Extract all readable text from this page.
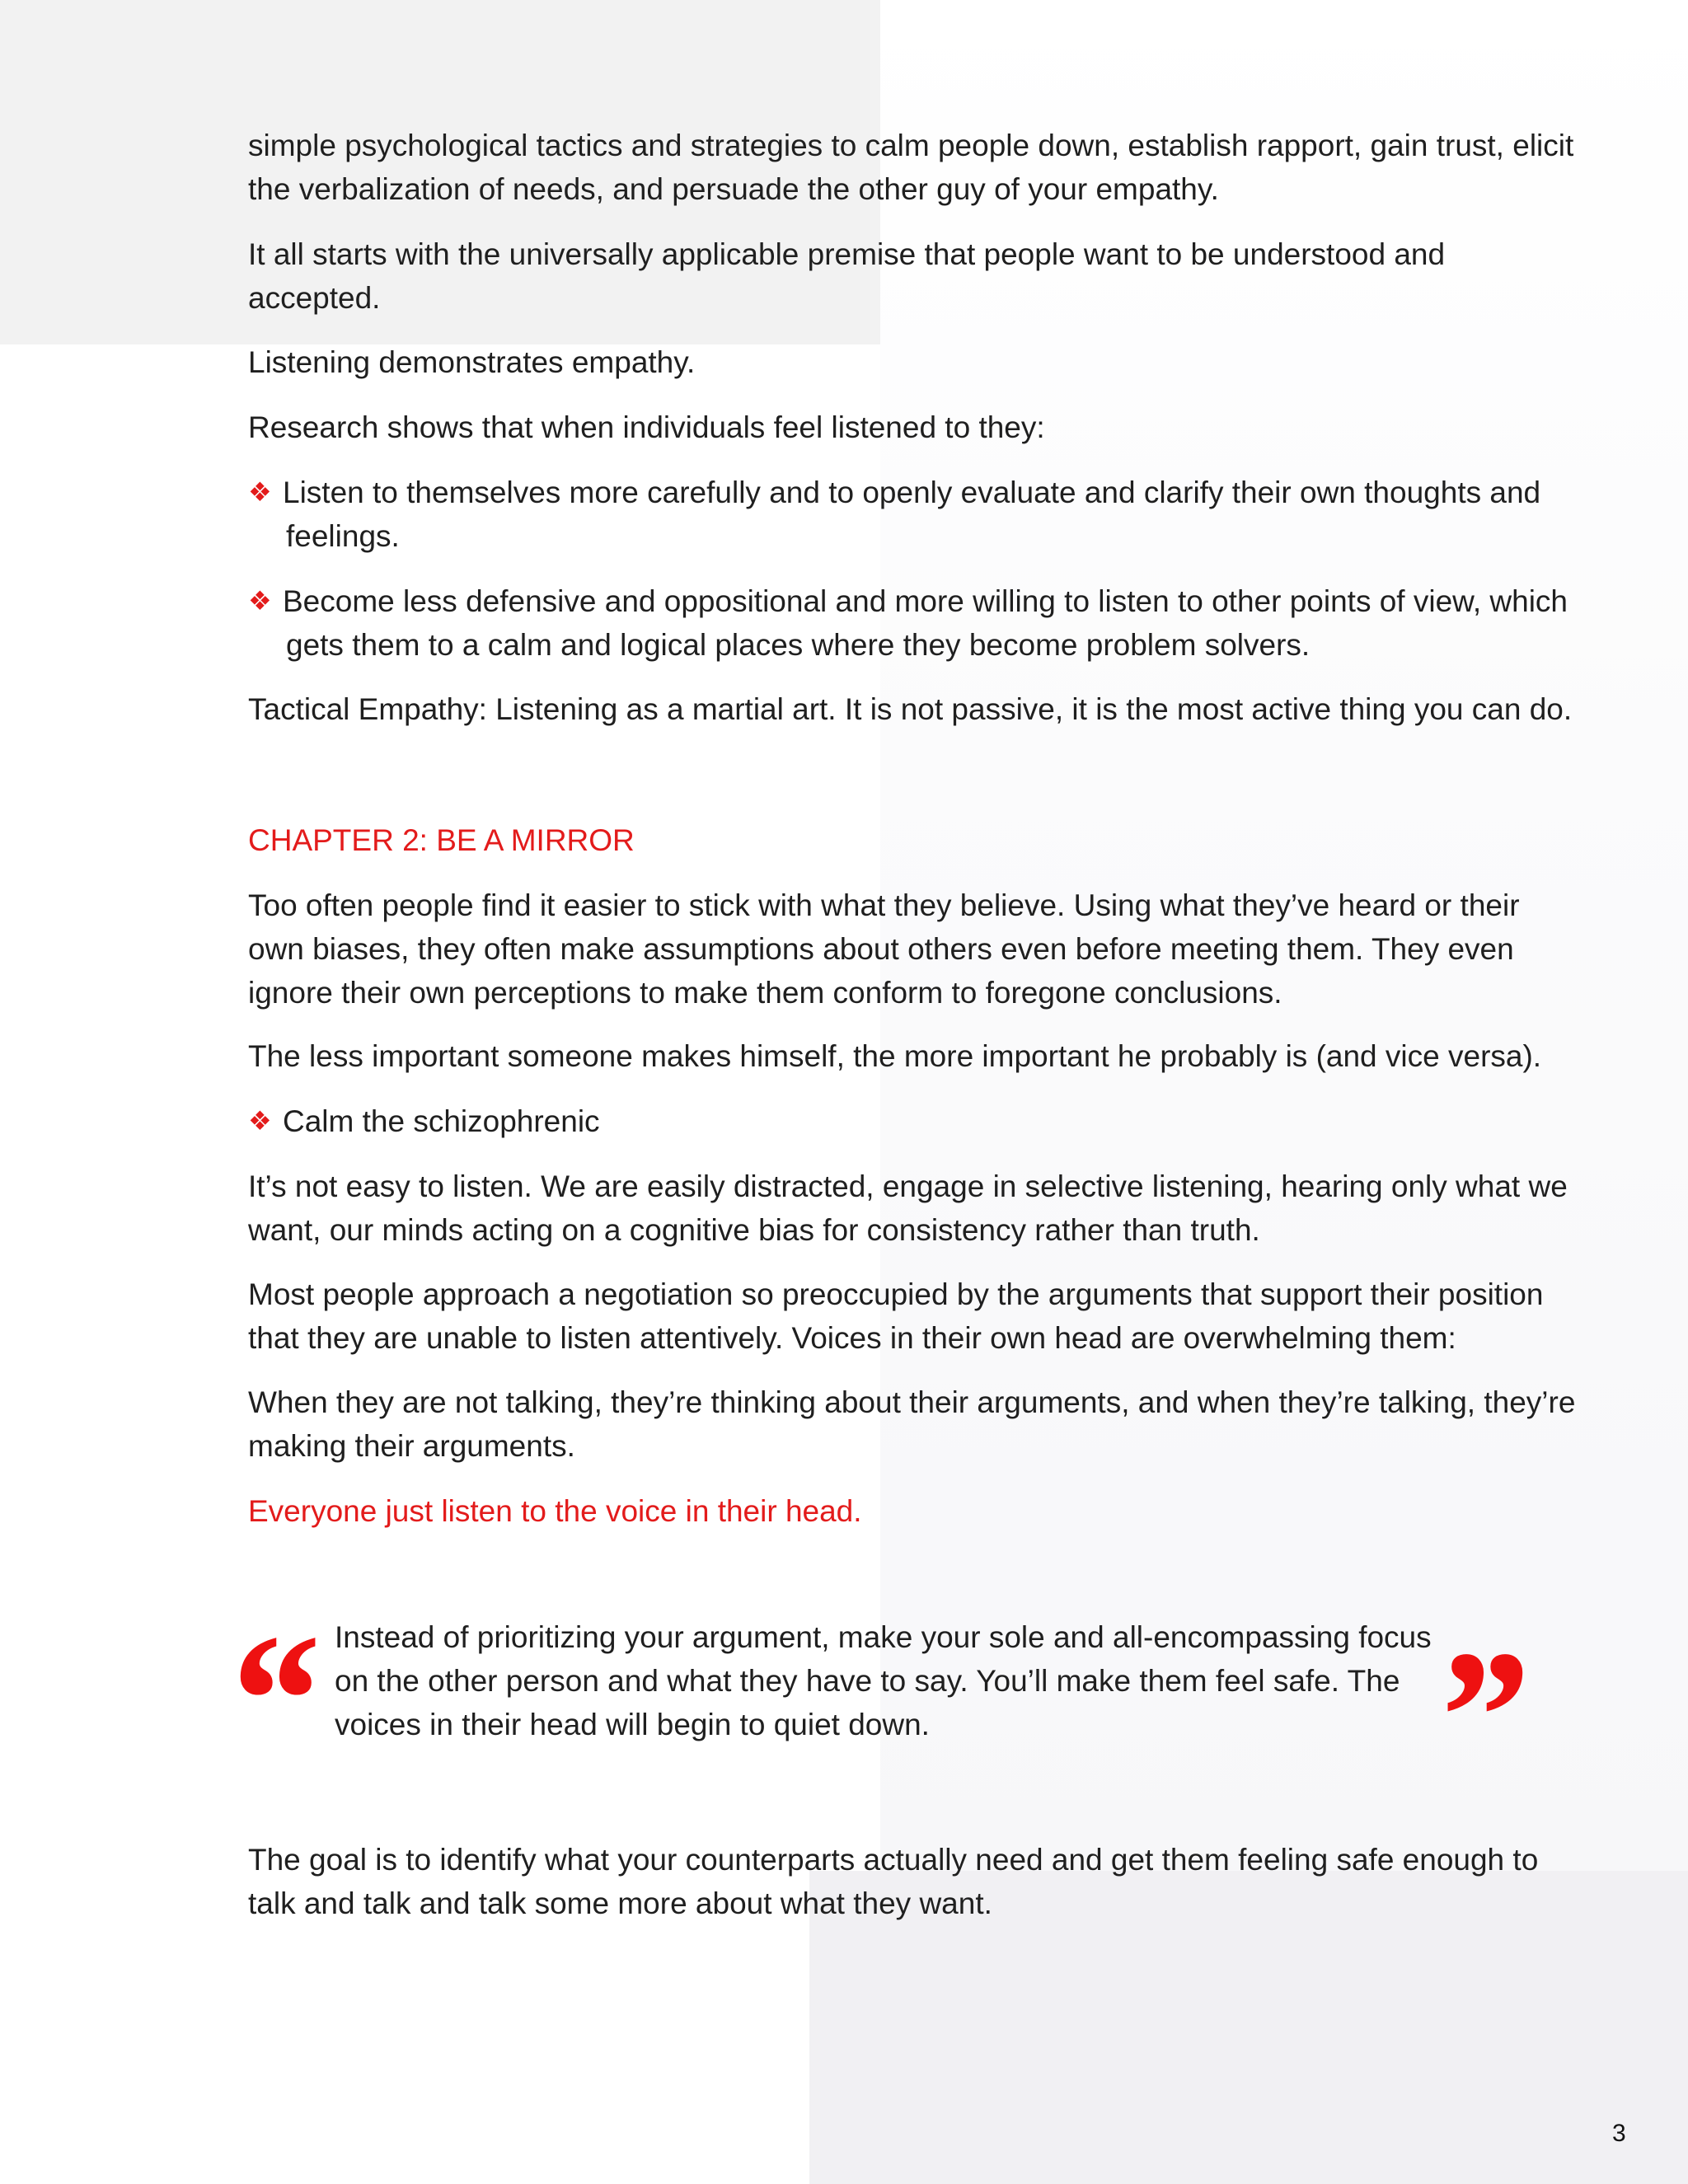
simple psychological tactics and strategies to calm people down, establish rapport, gain trust, elicit
the verbalization of needs, and persuade the other guy of your empathy.
It all starts with the universally applicable premise that people want to be understood and
accepted.
Listening demonstrates empathy.
Research shows that when individuals feel listened to they:
❖ Listen to themselves more carefully and to openly evaluate and clarify their own thoughts and
feelings.
❖ Become less defensive and oppositional and more willing to listen to other points of view, which
gets them to a calm and logical places where they become problem solvers.
Tactical Empathy: Listening as a martial art. It is not passive, it is the most active thing you can do.
CHAPTER 2: BE A MIRROR
Too often people find it easier to stick with what they believe. Using what they’ve heard or their
own biases, they often make assumptions about others even before meeting them. They even
ignore their own perceptions to make them conform to foregone conclusions.
The less important someone makes himself, the more important he probably is (and vice versa).
❖ Calm the schizophrenic
It’s not easy to listen. We are easily distracted, engage in selective listening, hearing only what we
want, our minds acting on a cognitive bias for consistency rather than truth.
Most people approach a negotiation so preoccupied by the arguments that support their position
that they are unable to listen attentively. Voices in their own head are overwhelming them:
When they are not talking, they’re thinking about their arguments, and when they’re talking, they’re
making their arguments.
Everyone just listen to the voice in their head.
The goal is to identify what your counterparts actually need and get them feeling safe enough to
talk and talk and talk some more about what they want.
“ Instead of prioritizing your argument, make your sole and all-encompassing focus
on the other person and what they have to say. You’ll make them feel safe. The
voices in their head will begin to quiet down.	”
3
